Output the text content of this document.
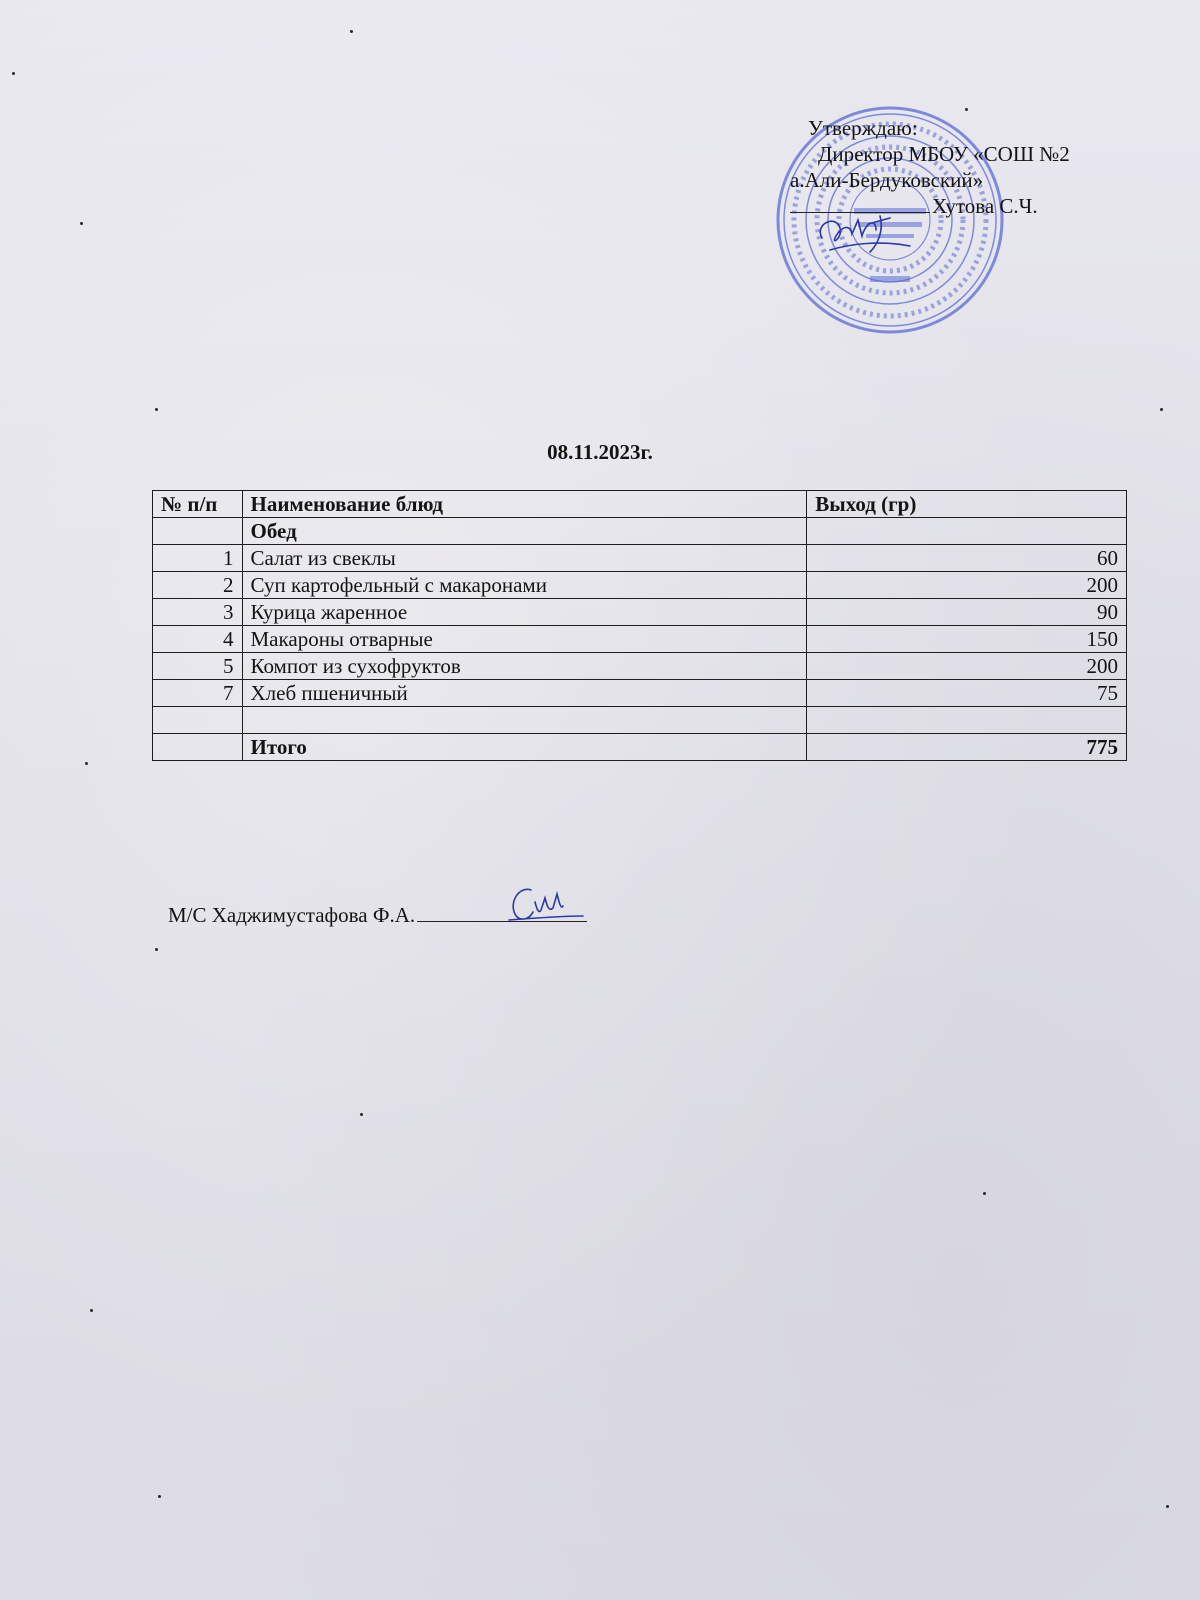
Утверждаю:
Директор МБОУ «СОШ №2
а.Али-Бердуковский»
Хутова С.Ч.
08.11.2023г.
№ п/п	Наименование блюд	Выход (гр)
	Обед	
1	Салат из свеклы	60
2	Суп картофельный с макаронами	200
3	Курица жаренное	90
4	Макароны отварные	150
5	Компот из сухофруктов	200
7	Хлеб пшеничный	75

	Итого	775
М/С Хаджимустафова Ф.А.
